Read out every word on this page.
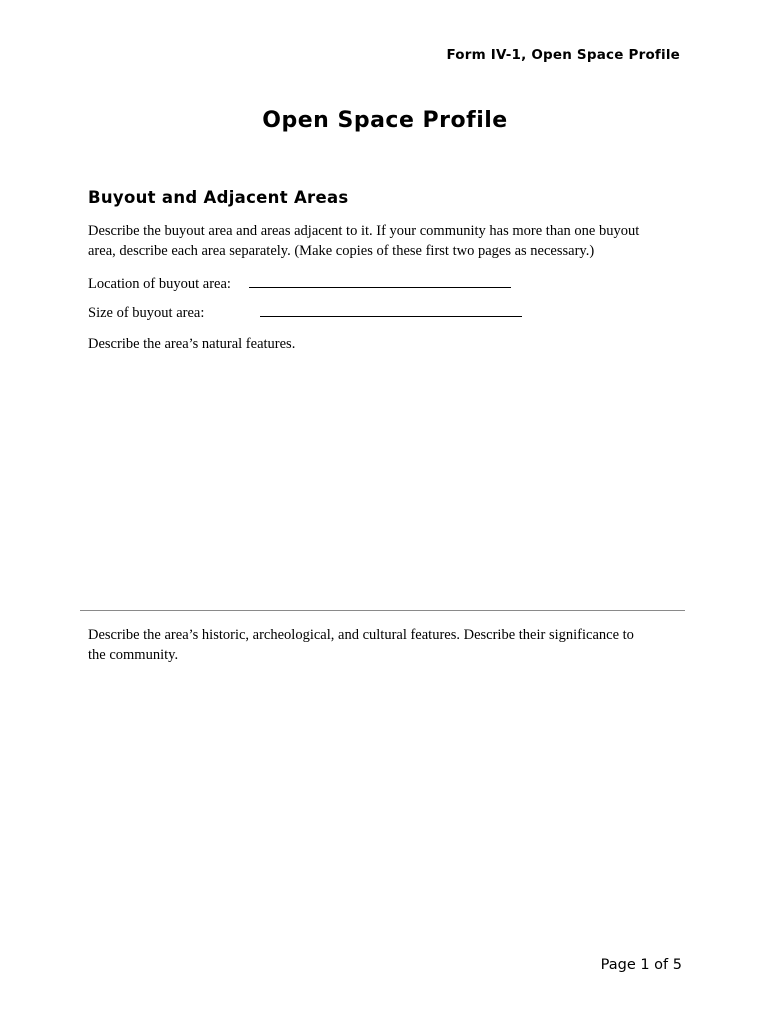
Form IV-1, Open Space Profile
Open Space Profile
Buyout and Adjacent Areas
Describe the buyout area and areas adjacent to it. If your community has more than one buyout area, describe each area separately. (Make copies of these first two pages as necessary.)
Location of buyout area:
Size of buyout area:
Describe the area’s natural features.
Describe the area’s historic, archeological, and cultural features. Describe their significance to the community.
Page 1 of 5
